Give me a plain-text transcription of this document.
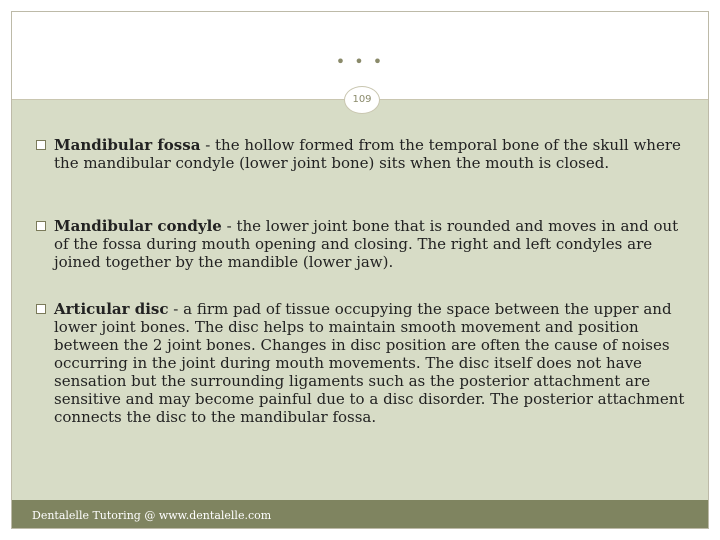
• • •
Mandibular fossa - the hollow formed from the temporal bone of the skull where the mandibular condyle (lower joint bone) sits when the mouth is closed.
Mandibular condyle - the lower joint bone that is rounded and moves in and out of the fossa during mouth opening and closing. The right and left condyles are joined together by the mandible (lower jaw).
Articular disc - a firm pad of tissue occupying the space between the upper and lower joint bones. The disc helps to maintain smooth movement and position between the 2 joint bones. Changes in disc position are often the cause of noises occurring in the joint during mouth movements. The disc itself does not have sensation but the surrounding ligaments such as the posterior attachment are sensitive and may become painful due to a disc disorder. The posterior attachment connects the disc to the mandibular fossa.
Dentalelle Tutoring @ www.dentalelle.com
109
